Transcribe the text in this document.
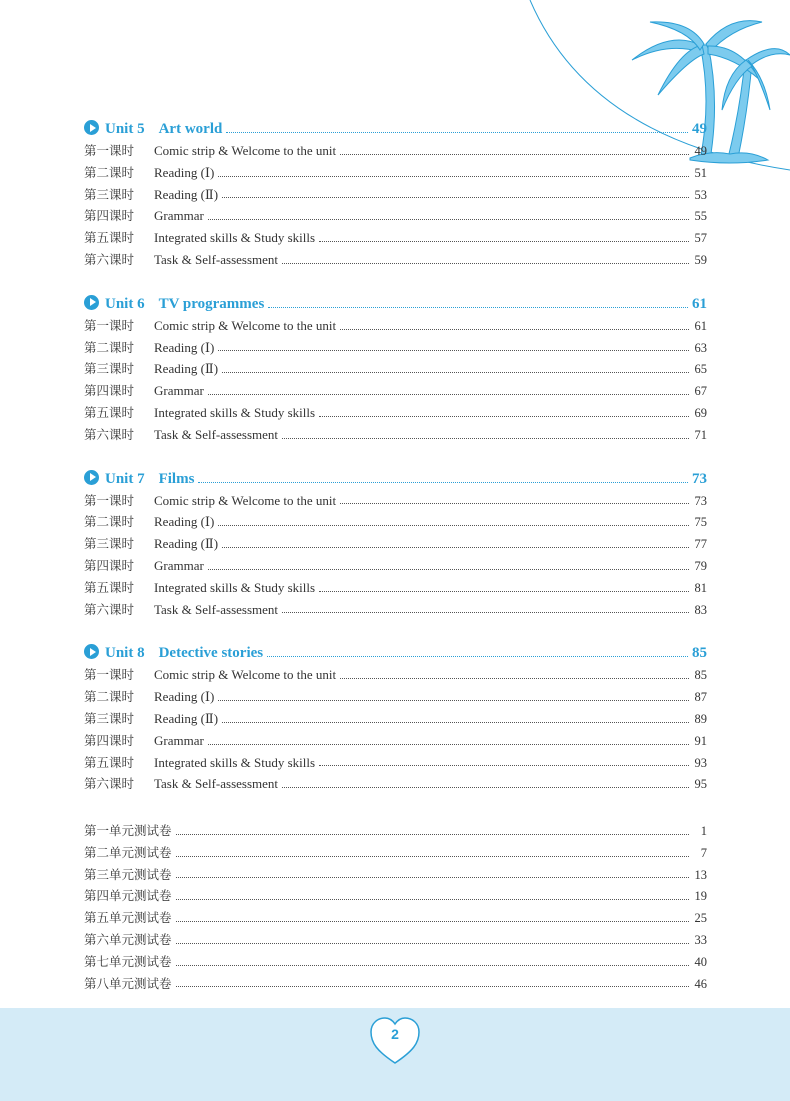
Unit 5 Art world	49
第一课时	Comic strip & Welcome to the unit	49
第二课时	Reading (Ⅰ)	51
第三课时	Reading (Ⅱ)	53
第四课时	Grammar	55
第五课时	Integrated skills & Study skills	57
第六课时	Task & Self-assessment	59
Unit 6 TV programmes	61
第一课时	Comic strip & Welcome to the unit	61
第二课时	Reading (Ⅰ)	63
第三课时	Reading (Ⅱ)	65
第四课时	Grammar	67
第五课时	Integrated skills & Study skills	69
第六课时	Task & Self-assessment	71
Unit 7 Films	73
第一课时	Comic strip & Welcome to the unit	73
第二课时	Reading (Ⅰ)	75
第三课时	Reading (Ⅱ)	77
第四课时	Grammar	79
第五课时	Integrated skills & Study skills	81
第六课时	Task & Self-assessment	83
Unit 8 Detective stories	85
第一课时	Comic strip & Welcome to the unit	85
第二课时	Reading (Ⅰ)	87
第三课时	Reading (Ⅱ)	89
第四课时	Grammar	91
第五课时	Integrated skills & Study skills	93
第六课时	Task & Self-assessment	95
第一单元测试卷	1
第二单元测试卷	7
第三单元测试卷	13
第四单元测试卷	19
第五单元测试卷	25
第六单元测试卷	33
第七单元测试卷	40
第八单元测试卷	46
2
